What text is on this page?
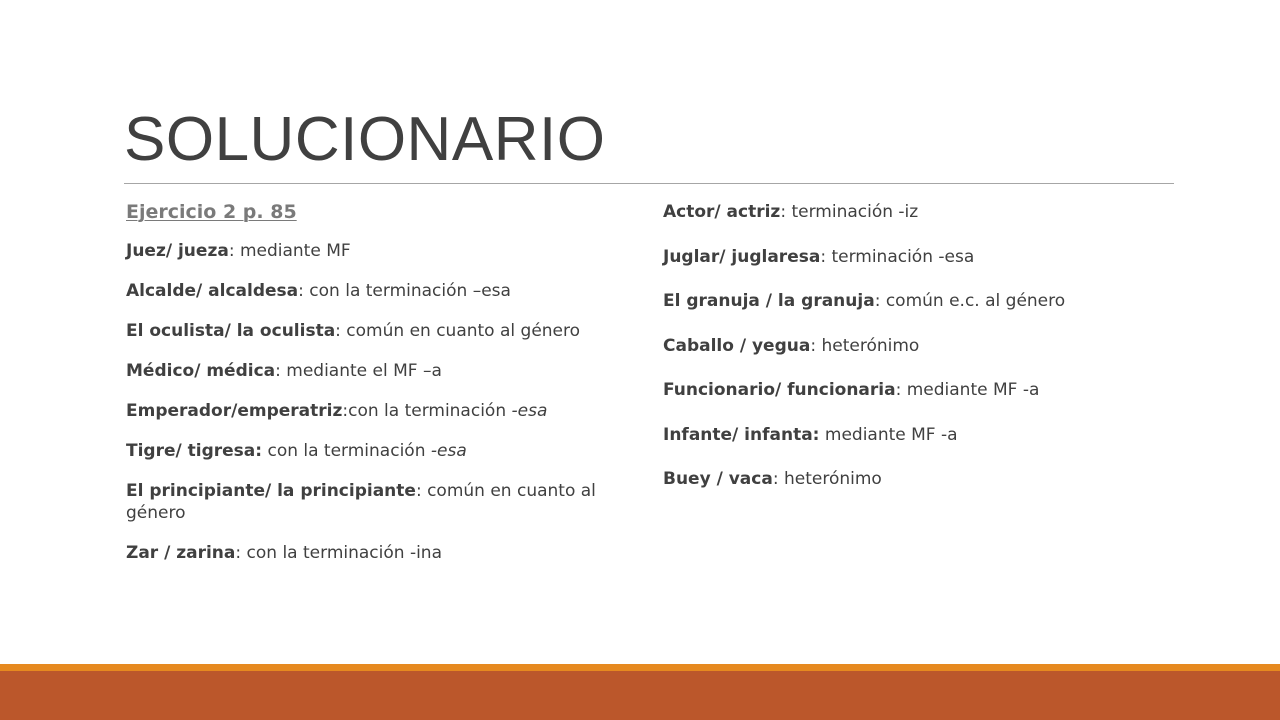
SOLUCIONARIO

Ejercicio 2 p. 85

Juez/ jueza: mediante MF

Alcalde/ alcaldesa: con la terminación –esa

El oculista/ la oculista: común en cuanto al género

Médico/ médica: mediante el MF –a

Emperador/emperatriz:con la terminación -esa

Tigre/ tigresa: con la terminación -esa

El principiante/ la principiante: común en cuanto al género

Zar / zarina: con la terminación -ina

Actor/ actriz: terminación -iz

Juglar/ juglaresa: terminación -esa

El granuja / la granuja: común e.c. al género

Caballo / yegua: heterónimo

Funcionario/ funcionaria: mediante MF -a

Infante/ infanta: mediante MF -a

Buey / vaca: heterónimo
